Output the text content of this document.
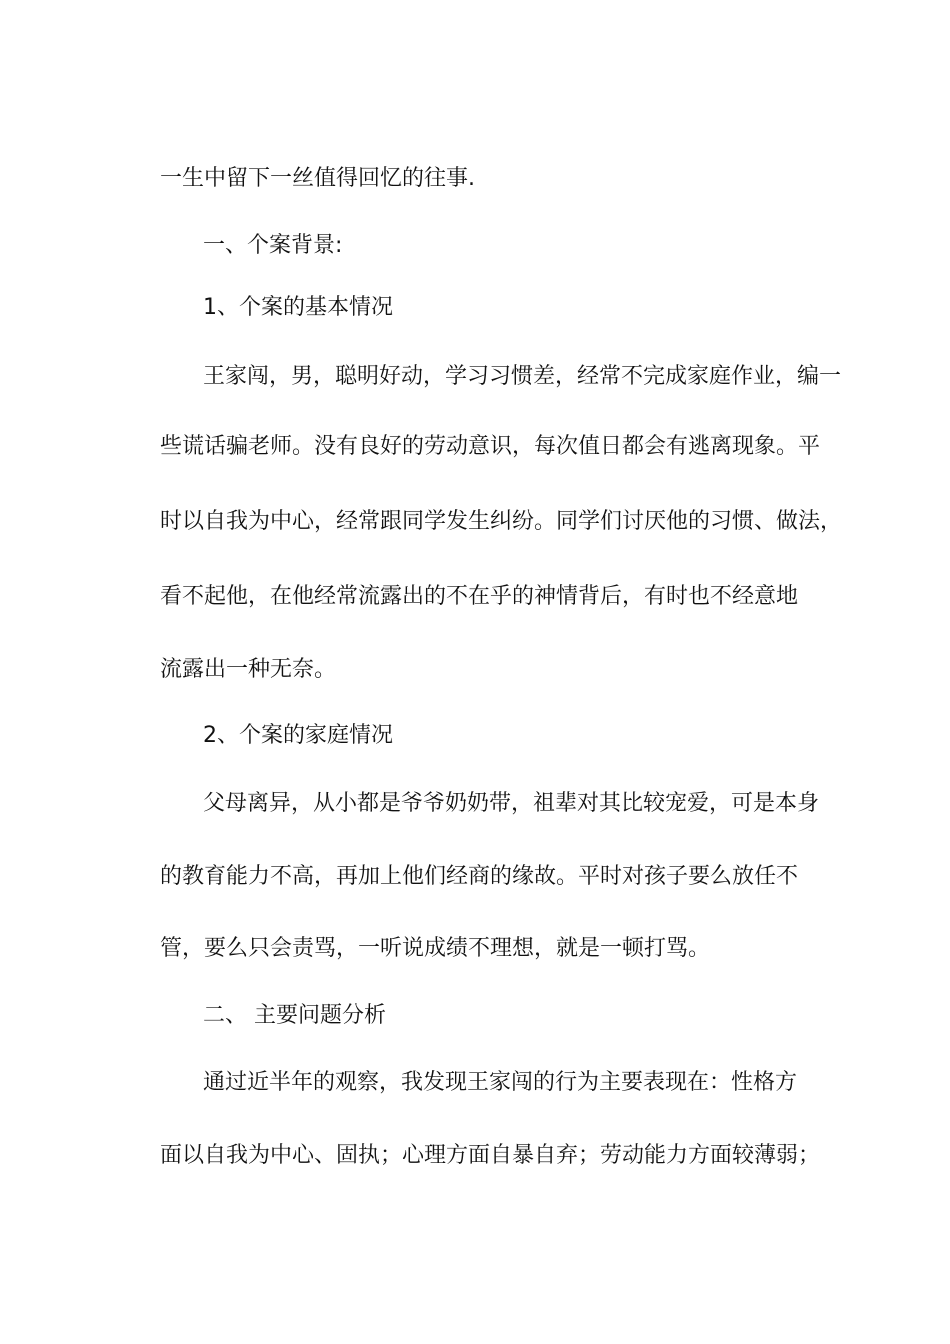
一生中留下一丝值得回忆的往事.
一、个案背景:
1、个案的基本情况
王家闯，男，聪明好动，学习习惯差，经常不完成家庭作业，编一
些谎话骗老师。没有良好的劳动意识，每次值日都会有逃离现象。平
时以自我为中心，经常跟同学发生纠纷。同学们讨厌他的习惯、做法，
看不起他，在他经常流露出的不在乎的神情背后，有时也不经意地
流露出一种无奈。
2、个案的家庭情况
父母离异，从小都是爷爷奶奶带，祖辈对其比较宠爱，可是本身
的教育能力不高，再加上他们经商的缘故。平时对孩子要么放任不
管，要么只会责骂，一听说成绩不理想，就是一顿打骂。
二、 主要问题分析
通过近半年的观察，我发现王家闯的行为主要表现在：性格方
面以自我为中心、固执；心理方面自暴自弃；劳动能力方面较薄弱；
